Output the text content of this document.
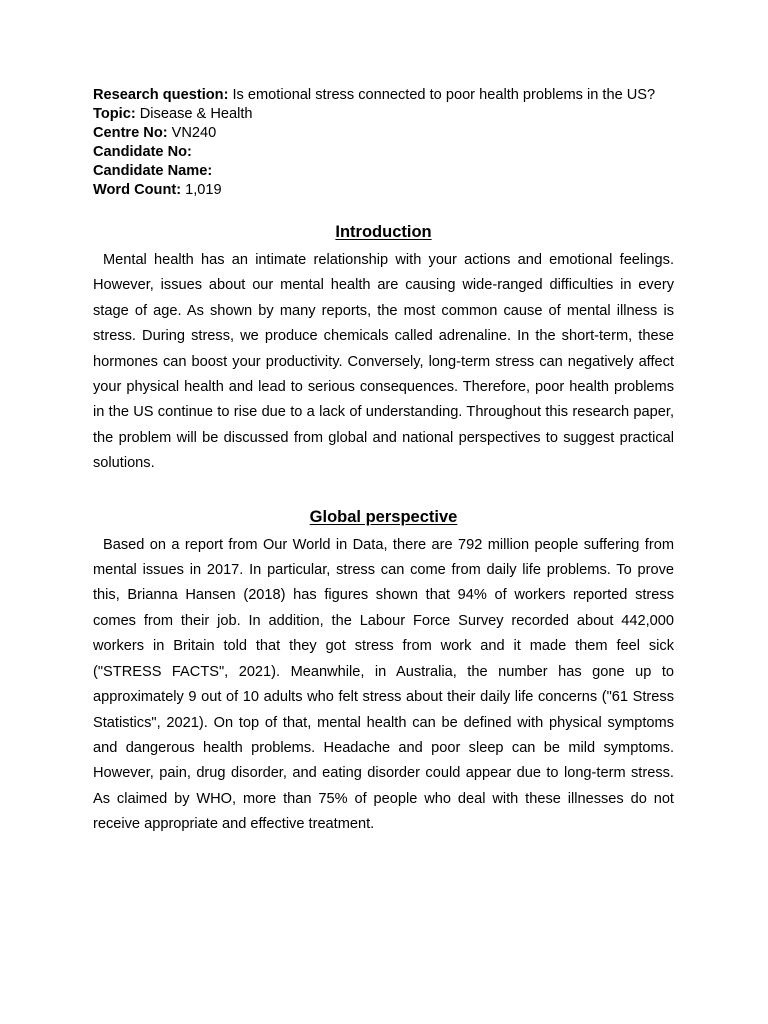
Research question: Is emotional stress connected to poor health problems in the US?

Topic: Disease & Health

Centre No: VN240

Candidate No:

Candidate Name:

Word Count: 1,019

Introduction

Mental health has an intimate relationship with your actions and emotional feelings. However, issues about our mental health are causing wide-ranged difficulties in every stage of age. As shown by many reports, the most common cause of mental illness is stress. During stress, we produce chemicals called adrenaline. In the short-term, these hormones can boost your productivity. Conversely, long-term stress can negatively affect your physical health and lead to serious consequences. Therefore, poor health problems in the US continue to rise due to a lack of understanding. Throughout this research paper, the problem will be discussed from global and national perspectives to suggest practical solutions.

Global perspective

Based on a report from Our World in Data, there are 792 million people suffering from mental issues in 2017. In particular, stress can come from daily life problems. To prove this, Brianna Hansen (2018) has figures shown that 94% of workers reported stress comes from their job. In addition, the Labour Force Survey recorded about 442,000 workers in Britain told that they got stress from work and it made them feel sick ("STRESS FACTS", 2021). Meanwhile, in Australia, the number has gone up to approximately 9 out of 10 adults who felt stress about their daily life concerns ("61 Stress Statistics", 2021). On top of that, mental health can be defined with physical symptoms and dangerous health problems. Headache and poor sleep can be mild symptoms. However, pain, drug disorder, and eating disorder could appear due to long-term stress. As claimed by WHO, more than 75% of people who deal with these illnesses do not receive appropriate and effective treatment.
